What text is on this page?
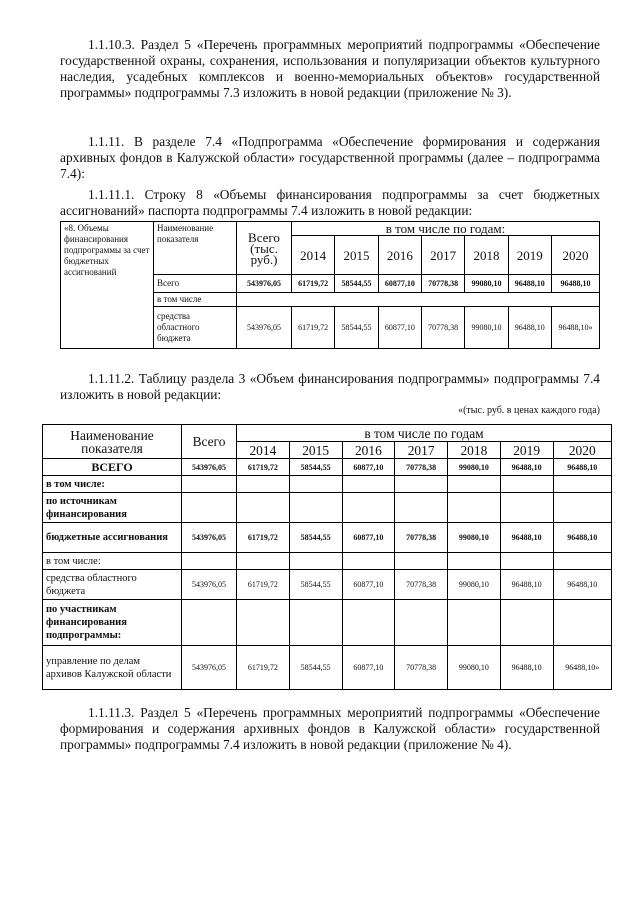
1.1.10.3. Раздел 5 «Перечень программных мероприятий подпрограммы «Обеспечение государственной охраны, сохранения, использования и популяризации объектов культурного наследия, усадебных комплексов и военно-мемориальных объектов» государственной программы» подпрограммы 7.3 изложить в новой редакции (приложение № 3).

1.1.11. В разделе 7.4 «Подпрограмма «Обеспечение формирования и содержания архивных фондов в Калужской области» государственной программы (далее – подпрограмма 7.4):

1.1.11.1. Строку 8 «Объемы финансирования подпрограммы за счет бюджетных ассигнований» паспорта подпрограммы 7.4 изложить в новой редакции:

«8. Объемы финансирования подпрограммы за счет бюджетных ассигнований	Наименование показателя	Всего (тыс. руб.)	в том числе по годам:						
			2014	2015	2016	2017	2018	2019	2020
	Всего	543976,05	61719,72	58544,55	60877,10	70778,38	99080,10	96488,10	96488,10
	в том числе								
	средства областного бюджета	543976,05	61719,72	58544,55	60877,10	70778,38	99080,10	96488,10	96488,10»

1.1.11.2. Таблицу раздела 3 «Объем финансирования подпрограммы» подпрограммы 7.4 изложить в новой редакции:

«(тыс. руб. в ценах каждого года)
Наименование показателя	Всего	в том числе по годам						
		2014	2015	2016	2017	2018	2019	2020
ВСЕГО	543976,05	61719,72	58544,55	60877,10	70778,38	99080,10	96488,10	96488,10
в том числе:								
по источникам финансирования								
бюджетные ассигнования	543976,05	61719,72	58544,55	60877,10	70778,38	99080,10	96488,10	96488,10
в том числе:								
средства областного бюджета	543976,05	61719,72	58544,55	60877,10	70778,38	99080,10	96488,10	96488,10
по участникам финансирования подпрограммы:								
управление по делам архивов Калужской области	543976,05	61719,72	58544,55	60877,10	70778,38	99080,10	96488,10	96488,10»

1.1.11.3. Раздел 5 «Перечень программных мероприятий подпрограммы «Обеспечение формирования и содержания архивных фондов в Калужской области» государственной программы» подпрограммы 7.4 изложить в новой редакции (приложение № 4).
